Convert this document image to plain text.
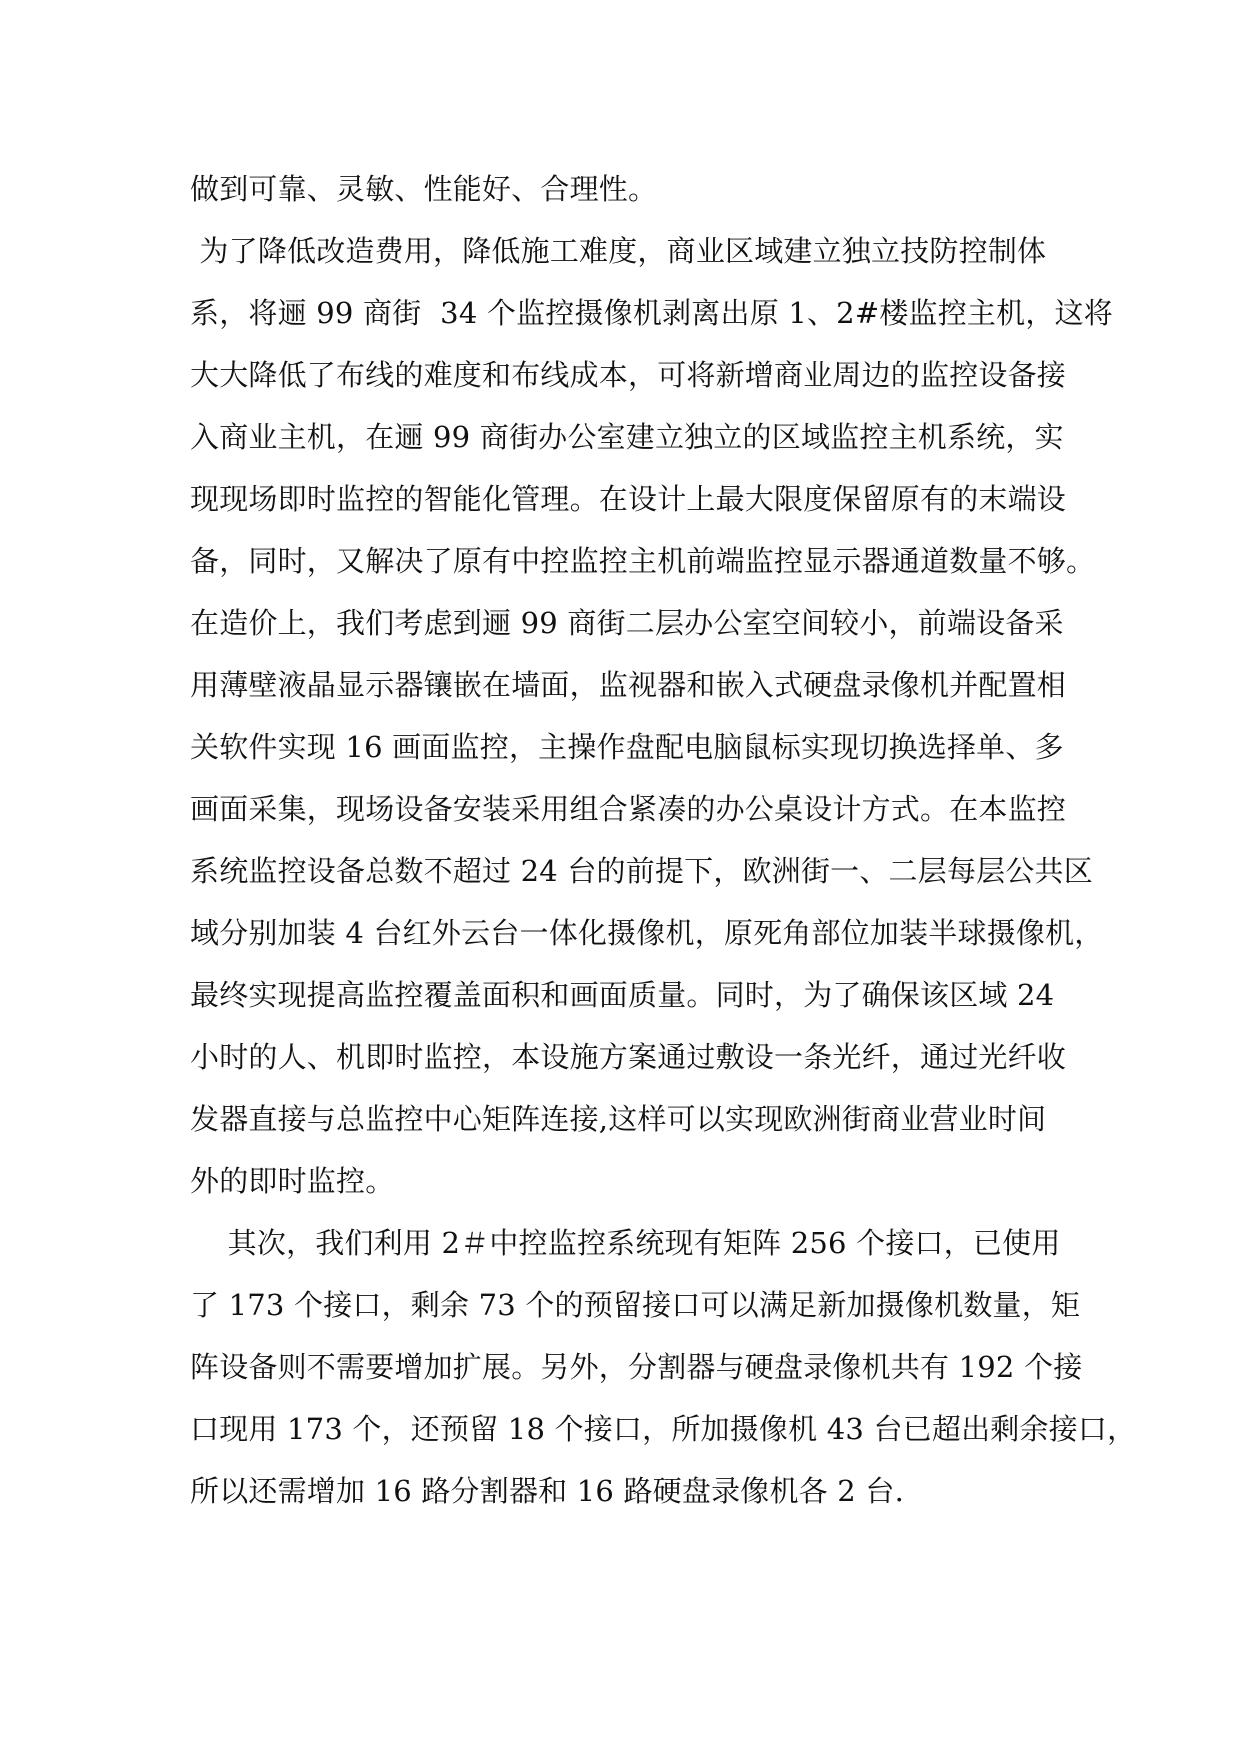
做到可靠、灵敏、性能好、合理性。
为了降低改造费用，降低施工难度，商业区域建立独立技防控制体
系，将逦 99 商街  34 个监控摄像机剥离出原 1、2#楼监控主机，这将
大大降低了布线的难度和布线成本，可将新增商业周边的监控设备接
入商业主机，在逦 99 商街办公室建立独立的区域监控主机系统，实
现现场即时监控的智能化管理。在设计上最大限度保留原有的末端设
备，同时，又解决了原有中控监控主机前端监控显示器通道数量不够。
在造价上，我们考虑到逦 99 商街二层办公室空间较小，前端设备采
用薄壁液晶显示器镶嵌在墙面，监视器和嵌入式硬盘录像机并配置相
关软件实现 16 画面监控，主操作盘配电脑鼠标实现切换选择单、多
画面采集，现场设备安装采用组合紧凑的办公桌设计方式。在本监控
系统监控设备总数不超过 24 台的前提下，欧洲街一、二层每层公共区
域分别加装 4 台红外云台一体化摄像机，原死角部位加装半球摄像机，
最终实现提高监控覆盖面积和画面质量。同时，为了确保该区域 24
小时的人、机即时监控，本设施方案通过敷设一条光纤，通过光纤收
发器直接与总监控中心矩阵连接,这样可以实现欧洲街商业营业时间
外的即时监控。
其次，我们利用 2＃中控监控系统现有矩阵 256 个接口，已使用
了 173 个接口，剩余 73 个的预留接口可以满足新加摄像机数量，矩
阵设备则不需要增加扩展。另外，分割器与硬盘录像机共有 192 个接
口现用 173 个，还预留 18 个接口，所加摄像机 43 台已超出剩余接口，
所以还需增加 16 路分割器和 16 路硬盘录像机各 2 台.
